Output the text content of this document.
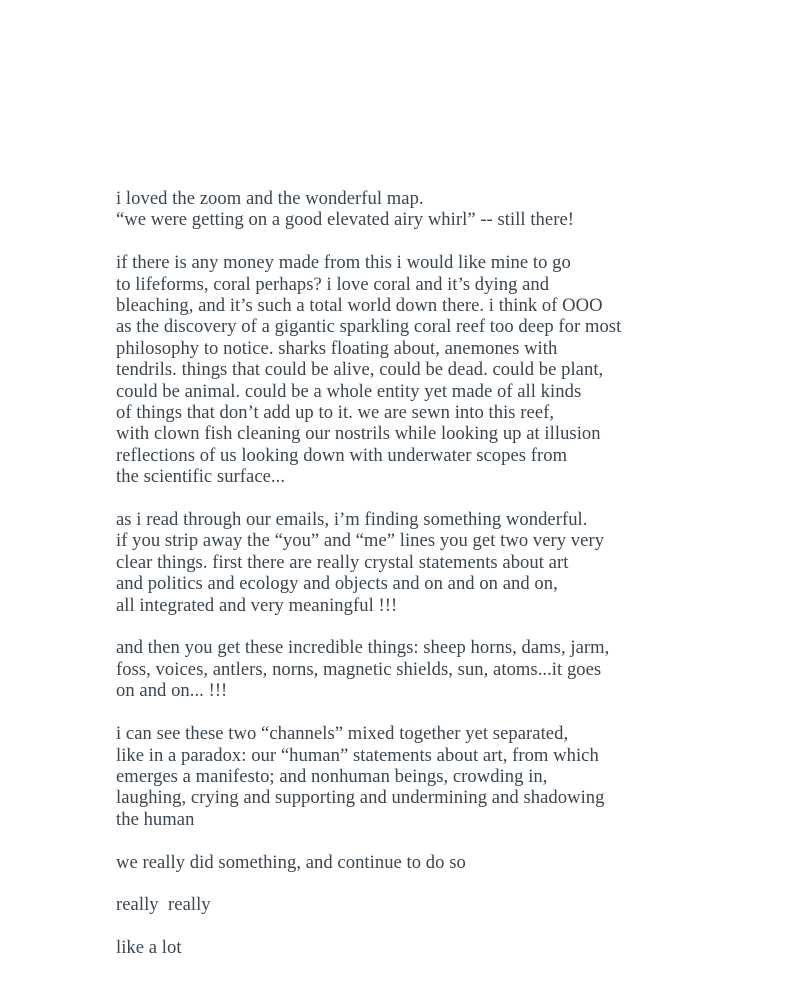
i loved the zoom and the wonderful map.
“we were getting on a good elevated airy whirl” -- still there!

if there is any money made from this i would like mine to go
to lifeforms, coral perhaps? i love coral and it’s dying and
bleaching, and it’s such a total world down there. i think of OOO
as the discovery of a gigantic sparkling coral reef too deep for most
philosophy to notice. sharks floating about, anemones with
tendrils. things that could be alive, could be dead. could be plant,
could be animal. could be a whole entity yet made of all kinds
of things that don’t add up to it. we are sewn into this reef,
with clown fish cleaning our nostrils while looking up at illusion
reflections of us looking down with underwater scopes from
the scientific surface...

as i read through our emails, i’m finding something wonderful.
if you strip away the “you” and “me” lines you get two very very
clear things. first there are really crystal statements about art
and politics and ecology and objects and on and on and on,
all integrated and very meaningful !!!

and then you get these incredible things: sheep horns, dams, jarm,
foss, voices, antlers, norns, magnetic shields, sun, atoms...it goes
on and on... !!!

i can see these two “channels” mixed together yet separated,
like in a paradox: our “human” statements about art, from which
emerges a manifesto; and nonhuman beings, crowding in,
laughing, crying and supporting and undermining and shadowing
the human

we really did something, and continue to do so

really  really

like a lot
